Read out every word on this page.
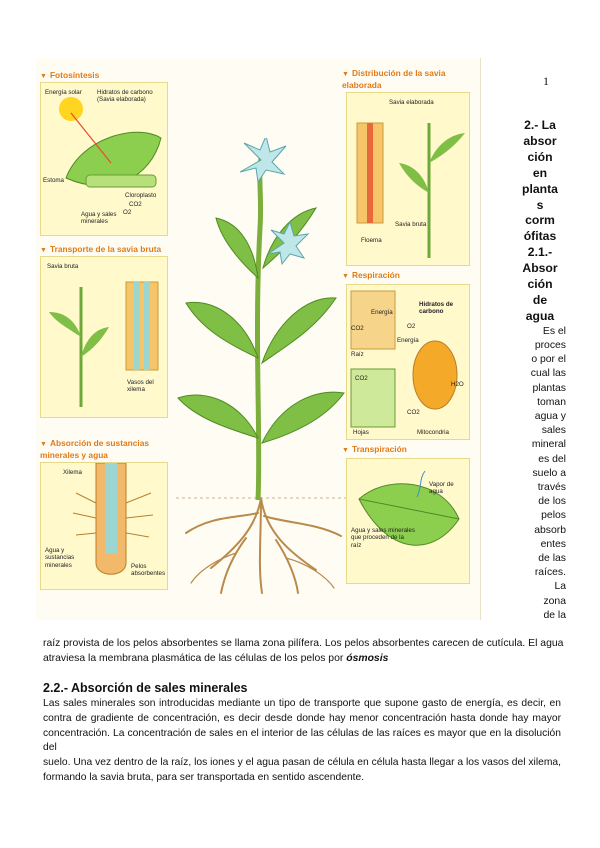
1
▼ Fotosíntesis
Energía solar Hidratos de carbono (Savia elaborada)
Estoma
Cloroplasto
CO2
O2
Agua y sales minerales
▼ Transporte de la savia bruta
Savia bruta
Vasos del xilema
▼ Absorción de sustancias minerales y agua
Xilema
Agua y sustancias minerales	Pelos absorbentes
▼ Distribución de la savia elaborada
Savia elaborada
Savia bruta
Floema
▼ Respiración
Energía
CO2
Raíz
Hidratos de carbono
O2
Energía
CO2
H2O
CO2
Hojas	Mitocondria
▼ Transpiración
Vapor de agua
Agua y sales minerales que proceden de la raíz
2.- La
absor
ción
en
planta
s
corm
ófitas
2.1.-
Absor
ción
de
agua
Es el
proces
o por el
cual las
plantas
toman
agua y
sales
mineral
es del
suelo a
través
de los
pelos
absorb
entes
de las
raíces.
La
zona
de la
raíz provista de los pelos absorbentes se llama zona pilífera. Los pelos absorbentes carecen de cutícula. El agua
atraviesa la membrana plasmática de las células de los pelos por ósmosis
2.2.- Absorción de sales minerales
Las sales minerales son introducidas mediante un tipo de transporte que supone gasto de energía, es decir, en
contra de gradiente de concentración, es decir desde donde hay menor concentración hasta donde hay mayor
concentración. La concentración de sales en el interior de las células de las raíces es mayor que en la disolución del
suelo. Una vez dentro de la raíz, los iones y el agua pasan de célula en célula hasta llegar a los vasos del xilema,
formando la savia bruta, para ser transportada en sentido ascendente.
